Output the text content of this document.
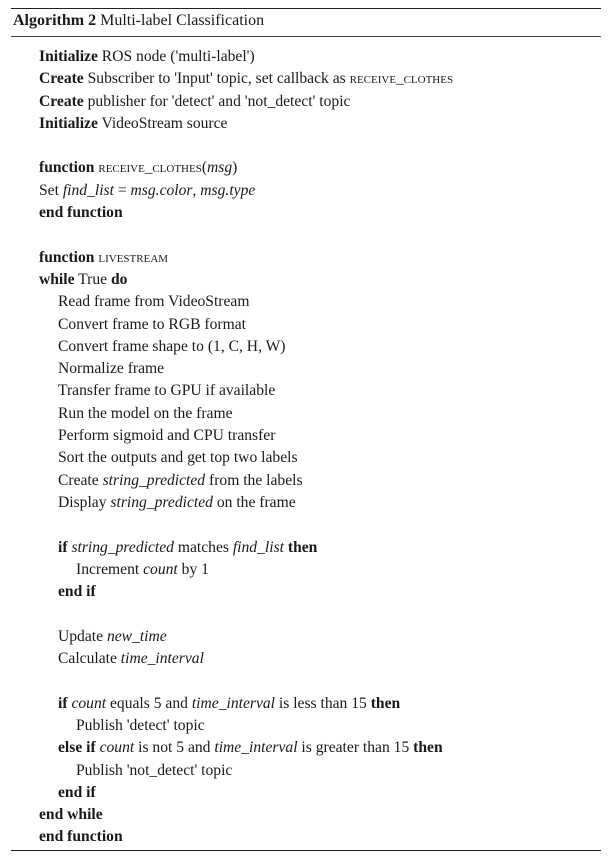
Algorithm 2 Multi-label Classification
Initialize ROS node ('multi-label')
Create Subscriber to 'Input' topic, set callback as receive_clothes
Create publisher for 'detect' and 'not_detect' topic
Initialize VideoStream source
function receive_clothes(msg)
Set find_list = msg.color, msg.type
end function
function livestream
while True do
Read frame from VideoStream
Convert frame to RGB format
Convert frame shape to (1, C, H, W)
Normalize frame
Transfer frame to GPU if available
Run the model on the frame
Perform sigmoid and CPU transfer
Sort the outputs and get top two labels
Create string_predicted from the labels
Display string_predicted on the frame
if string_predicted matches find_list then
Increment count by 1
end if
Update new_time
Calculate time_interval
if count equals 5 and time_interval is less than 15 then
Publish 'detect' topic
else if count is not 5 and time_interval is greater than 15 then
Publish 'not_detect' topic
end if
end while
end function
